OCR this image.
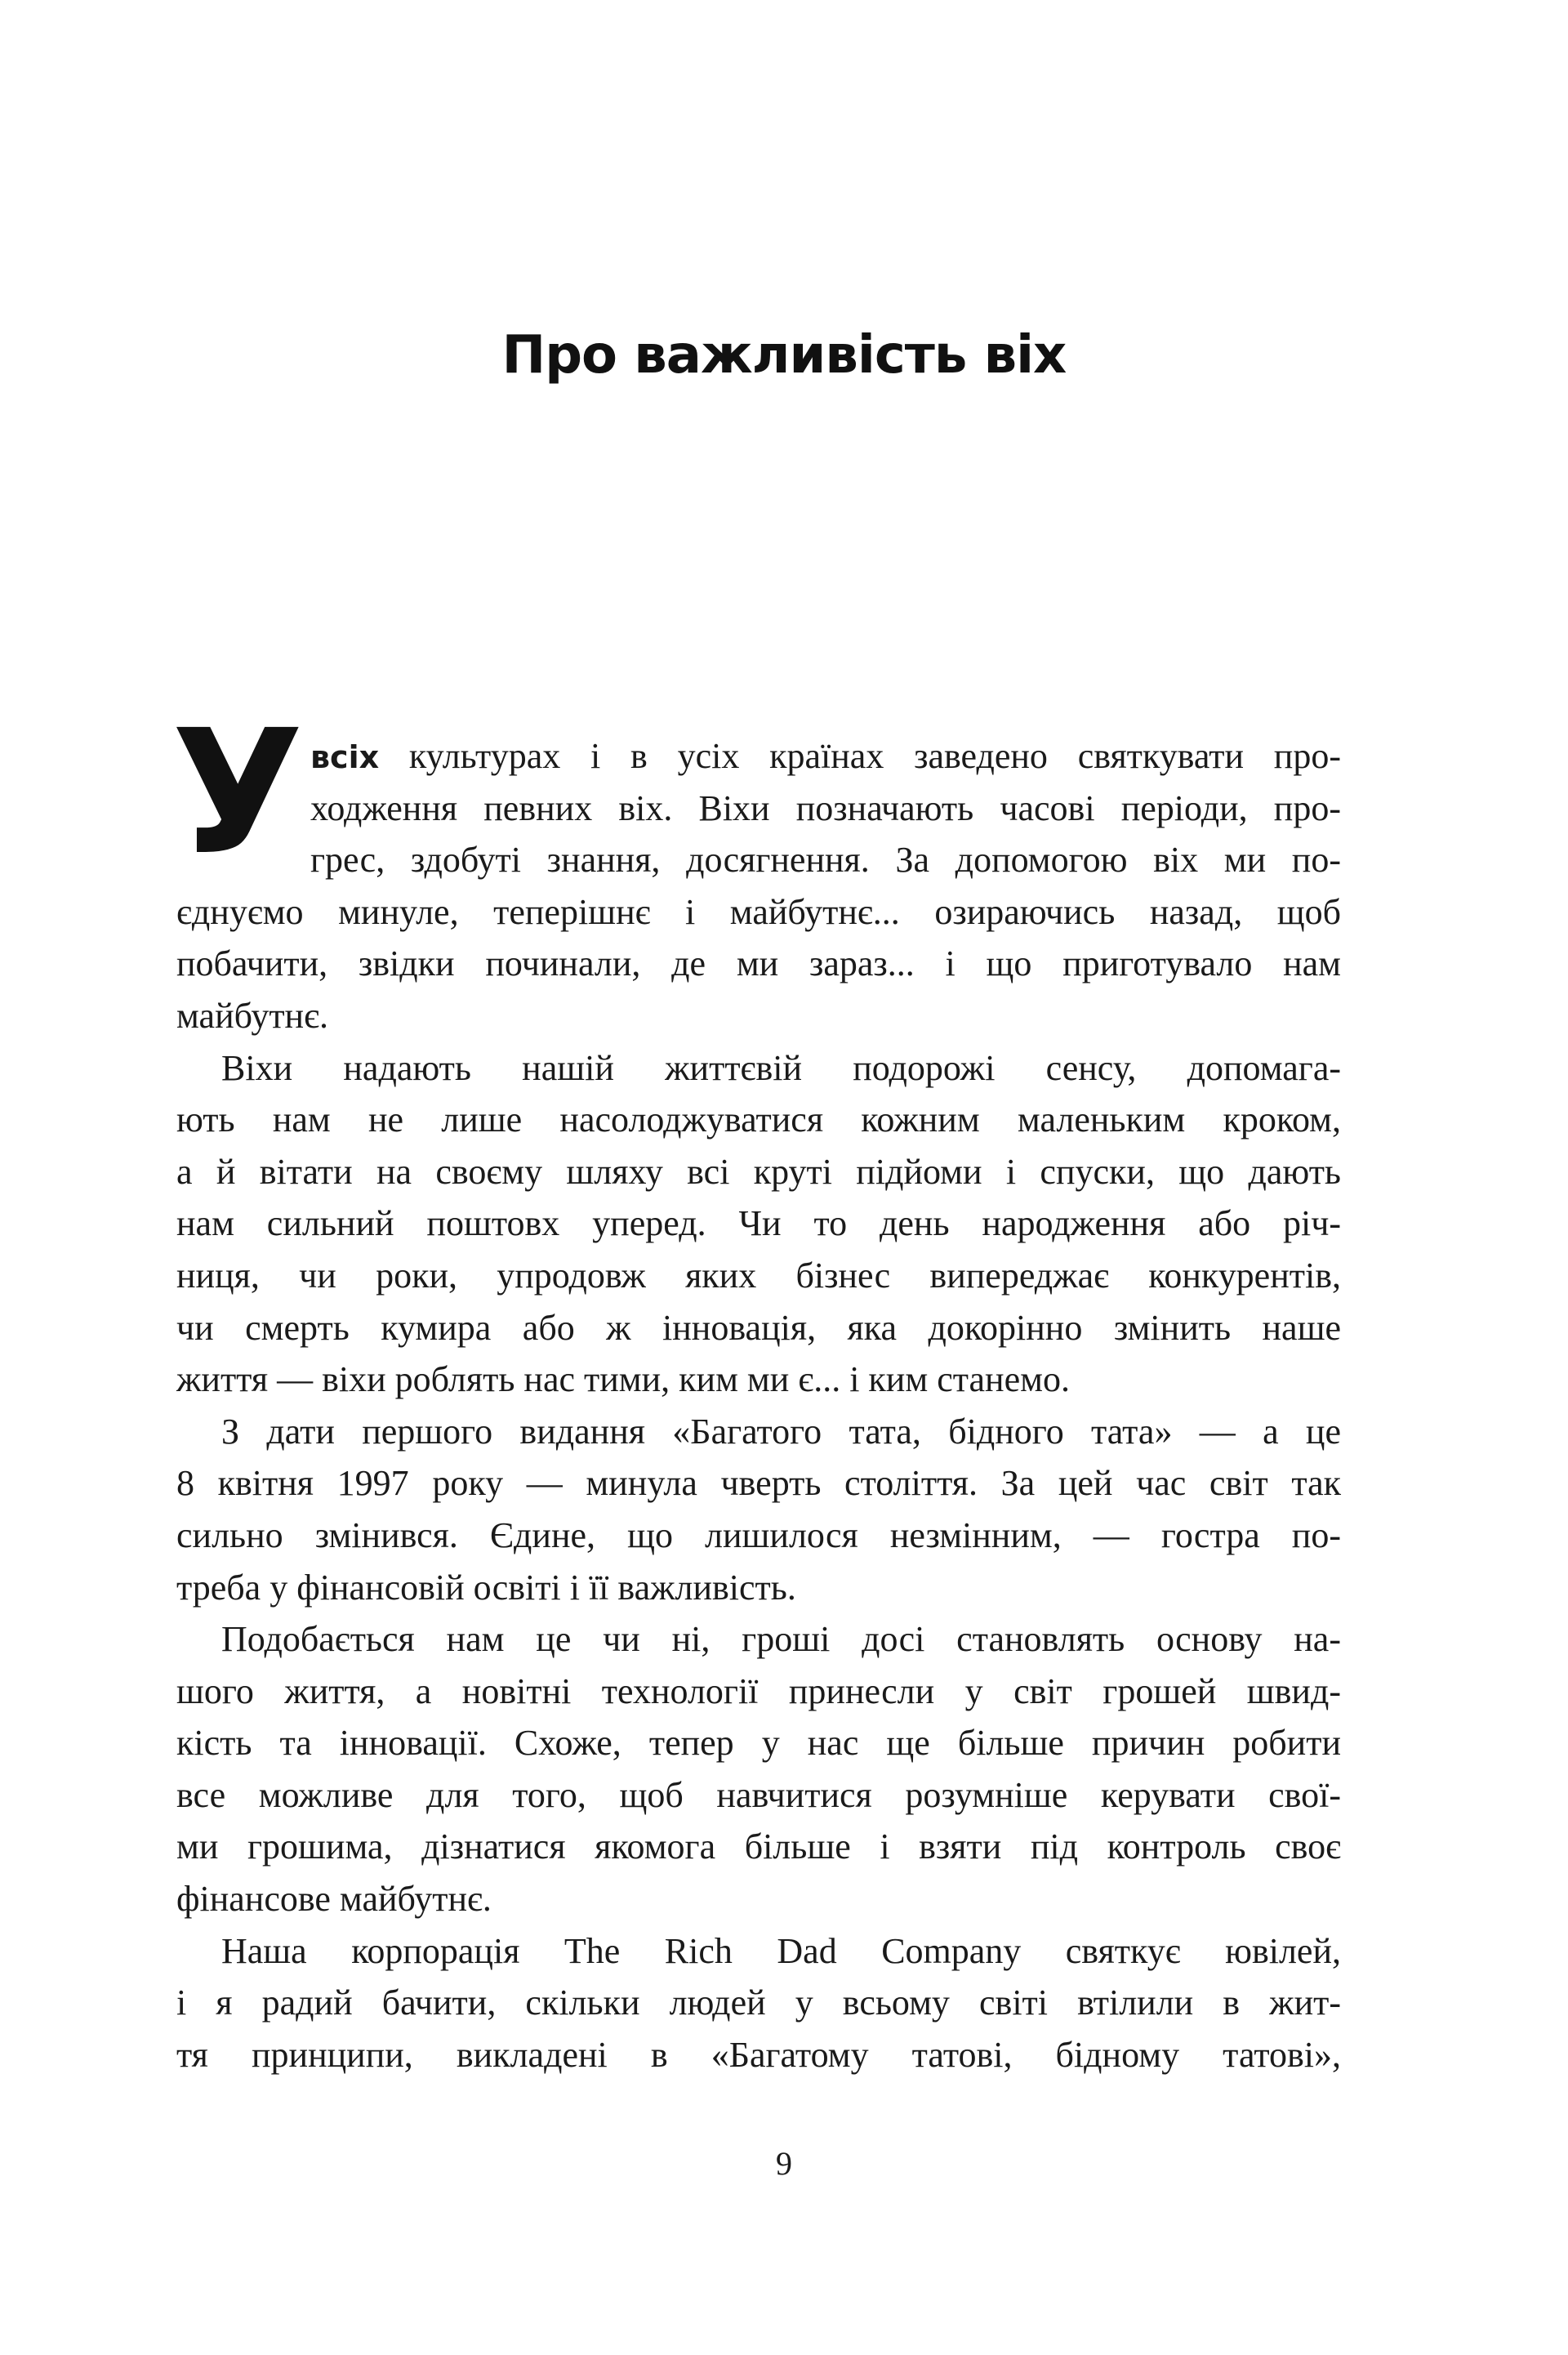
Про важливість віх
У всіх культурах і в усіх країнах заведено святкувати про-
ходження певних віх. Віхи позначають часові періоди, про-
грес, здобуті знання, досягнення. За допомогою віх ми по-
єднуємо минуле, теперішнє і майбутнє... озираючись назад, щоб
побачити, звідки починали, де ми зараз... і що приготувало нам
майбутнє.
Віхи надають нашій життєвій подорожі сенсу, допомага-
ють нам не лише насолоджуватися кожним маленьким кроком,
а й вітати на своєму шляху всі круті підйоми і спуски, що дають
нам сильний поштовх уперед. Чи то день народження або річ-
ниця, чи роки, упродовж яких бізнес випереджає конкурентів,
чи смерть кумира або ж інновація, яка докорінно змінить наше
життя — віхи роблять нас тими, ким ми є... і ким станемо.
З дати першого видання «Багатого тата, бідного тата» — а це
8 квітня 1997 року — минула чверть століття. За цей час світ так
сильно змінився. Єдине, що лишилося незмінним, — гостра по-
треба у фінансовій освіті і її важливість.
Подобається нам це чи ні, гроші досі становлять основу на-
шого життя, а новітні технології принесли у світ грошей швид-
кість та інновації. Схоже, тепер у нас ще більше причин робити
все можливе для того, щоб навчитися розумніше керувати свої-
ми грошима, дізнатися якомога більше і взяти під контроль своє
фінансове майбутнє.
Наша корпорація The Rich Dad Company святкує ювілей,
і я радий бачити, скільки людей у всьому світі втілили в жит-
тя принципи, викладені в «Багатому татові, бідному татові»,
9
